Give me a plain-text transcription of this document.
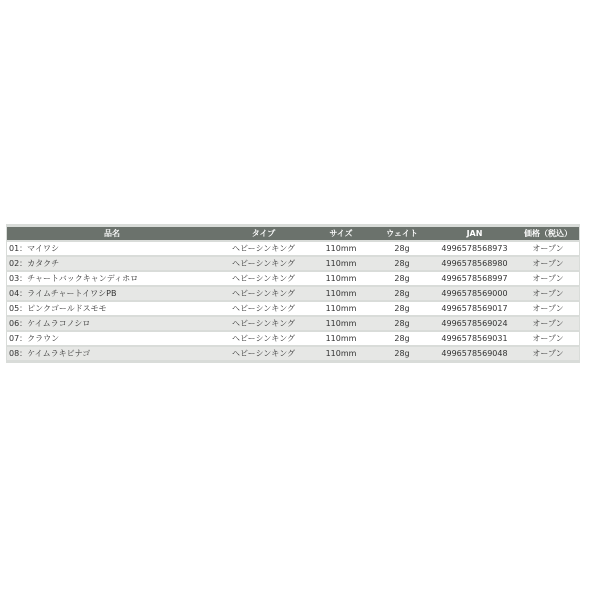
品名	タイプ	サイズ	ウェイト	JAN	価格（税込）
01：マイワシ	ヘビーシンキング	110mm	28g	4996578568973	オープン
02：カタクチ	ヘビーシンキング	110mm	28g	4996578568980	オープン
03：チャートバックキャンディホロ	ヘビーシンキング	110mm	28g	4996578568997	オープン
04：ライムチャートイワシPB	ヘビーシンキング	110mm	28g	4996578569000	オープン
05：ピンクゴールドスモモ	ヘビーシンキング	110mm	28g	4996578569017	オープン
06：ケイムラコノシロ	ヘビーシンキング	110mm	28g	4996578569024	オープン
07：クラウン	ヘビーシンキング	110mm	28g	4996578569031	オープン
08：ケイムラキビナゴ	ヘビーシンキング	110mm	28g	4996578569048	オープン
